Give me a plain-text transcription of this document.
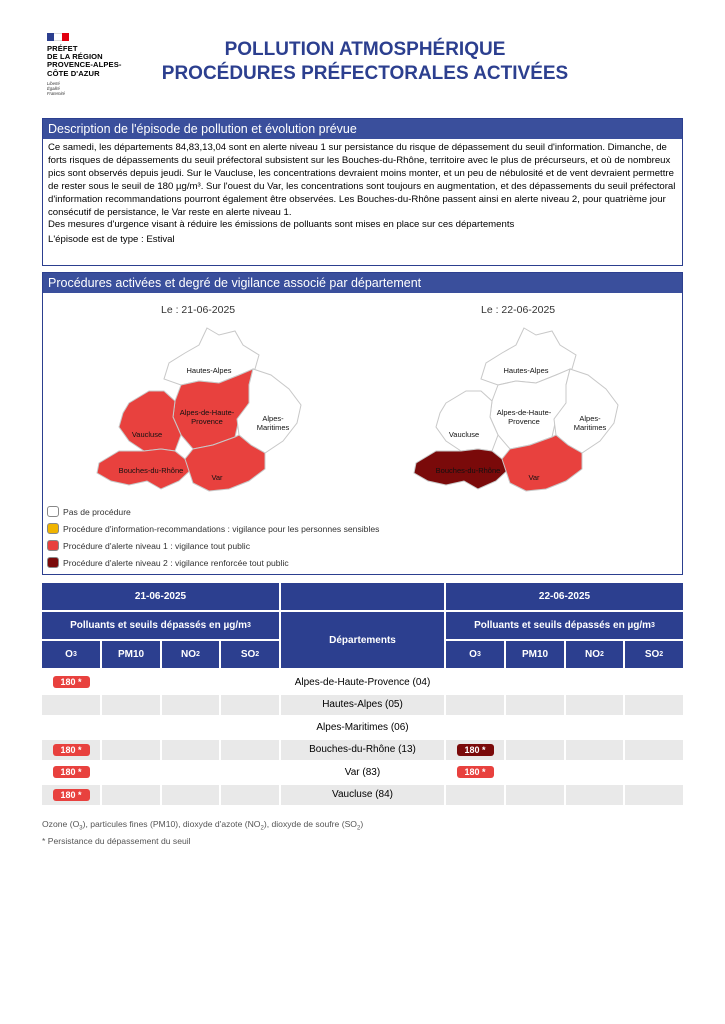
PRÉFET
DE LA RÉGION
PROVENCE-ALPES-
CÔTE D'AZUR
Liberté
Égalité
Fraternité
POLLUTION ATMOSPHÉRIQUE
PROCÉDURES PRÉFECTORALES ACTIVÉES
Description de l'épisode de pollution et évolution prévue

Ce samedi, les départements 84,83,13,04 sont en alerte niveau 1 sur persistance du risque de dépassement du seuil d'information. Dimanche, de forts risques de dépassements du seuil préfectoral subsistent sur les Bouches-du-Rhône, territoire avec le plus de précurseurs, et où de nombreux pics sont observés depuis jeudi. Sur le Vaucluse, les concentrations devraient moins monter, et un peu de nébulosité et de vent devraient permettre de rester sous le seuil de 180 µg/m³. Sur l'ouest du Var, les concentrations sont toujours en augmentation, et des dépassements du seuil préfectoral d'information recommandations pourront également être observées. Les Bouches-du-Rhône passent ainsi en alerte niveau 2, pour quatrième jour consécutif de persistance, le Var reste en alerte niveau 1.

Des mesures d'urgence visant à réduire les émissions de polluants sont mises en place sur ces départements

L'épisode est de type : Estival

Procédures activées et degré de vigilance associé par département
Le : 21-06-2025	Le : 22-06-2025
Hautes-Alpes
Alpes-de-Haute-Provence	Alpes-Maritimes
Vaucluse
Bouches-du-Rhône
Var
Hautes-Alpes
Alpes-de-Haute-Provence	Alpes-Maritimes
Vaucluse
Bouches-du-Rhône
Var
Pas de procédure
Procédure d'information-recommandations : vigilance pour les personnes sensibles
Procédure d'alerte niveau 1 : vigilance tout public
Procédure d'alerte niveau 2 : vigilance renforcée tout public
21-06-2025	22-06-2025
Polluants et seuils dépassés en µg/m 3
Départements
Polluants et seuils dépassés en µg/m 3
O 3	PM10	NO 2	SO 2	O 3	PM10	NO 2	SO 2
180 *	Alpes-de-Haute-Provence (04)
Hautes-Alpes (05)
Alpes-Maritimes (06)
180 *	Bouches-du-Rhône (13)	180 *
180 *	Var (83)	180 *
180 *	Vaucluse (84)
Ozone $(O_3)$, particules fines (PM10), dioxyde d'azote $(NO_2)$, dioxyde de soufre $(SO_2)$
* Persistance du dépassement du seuil
